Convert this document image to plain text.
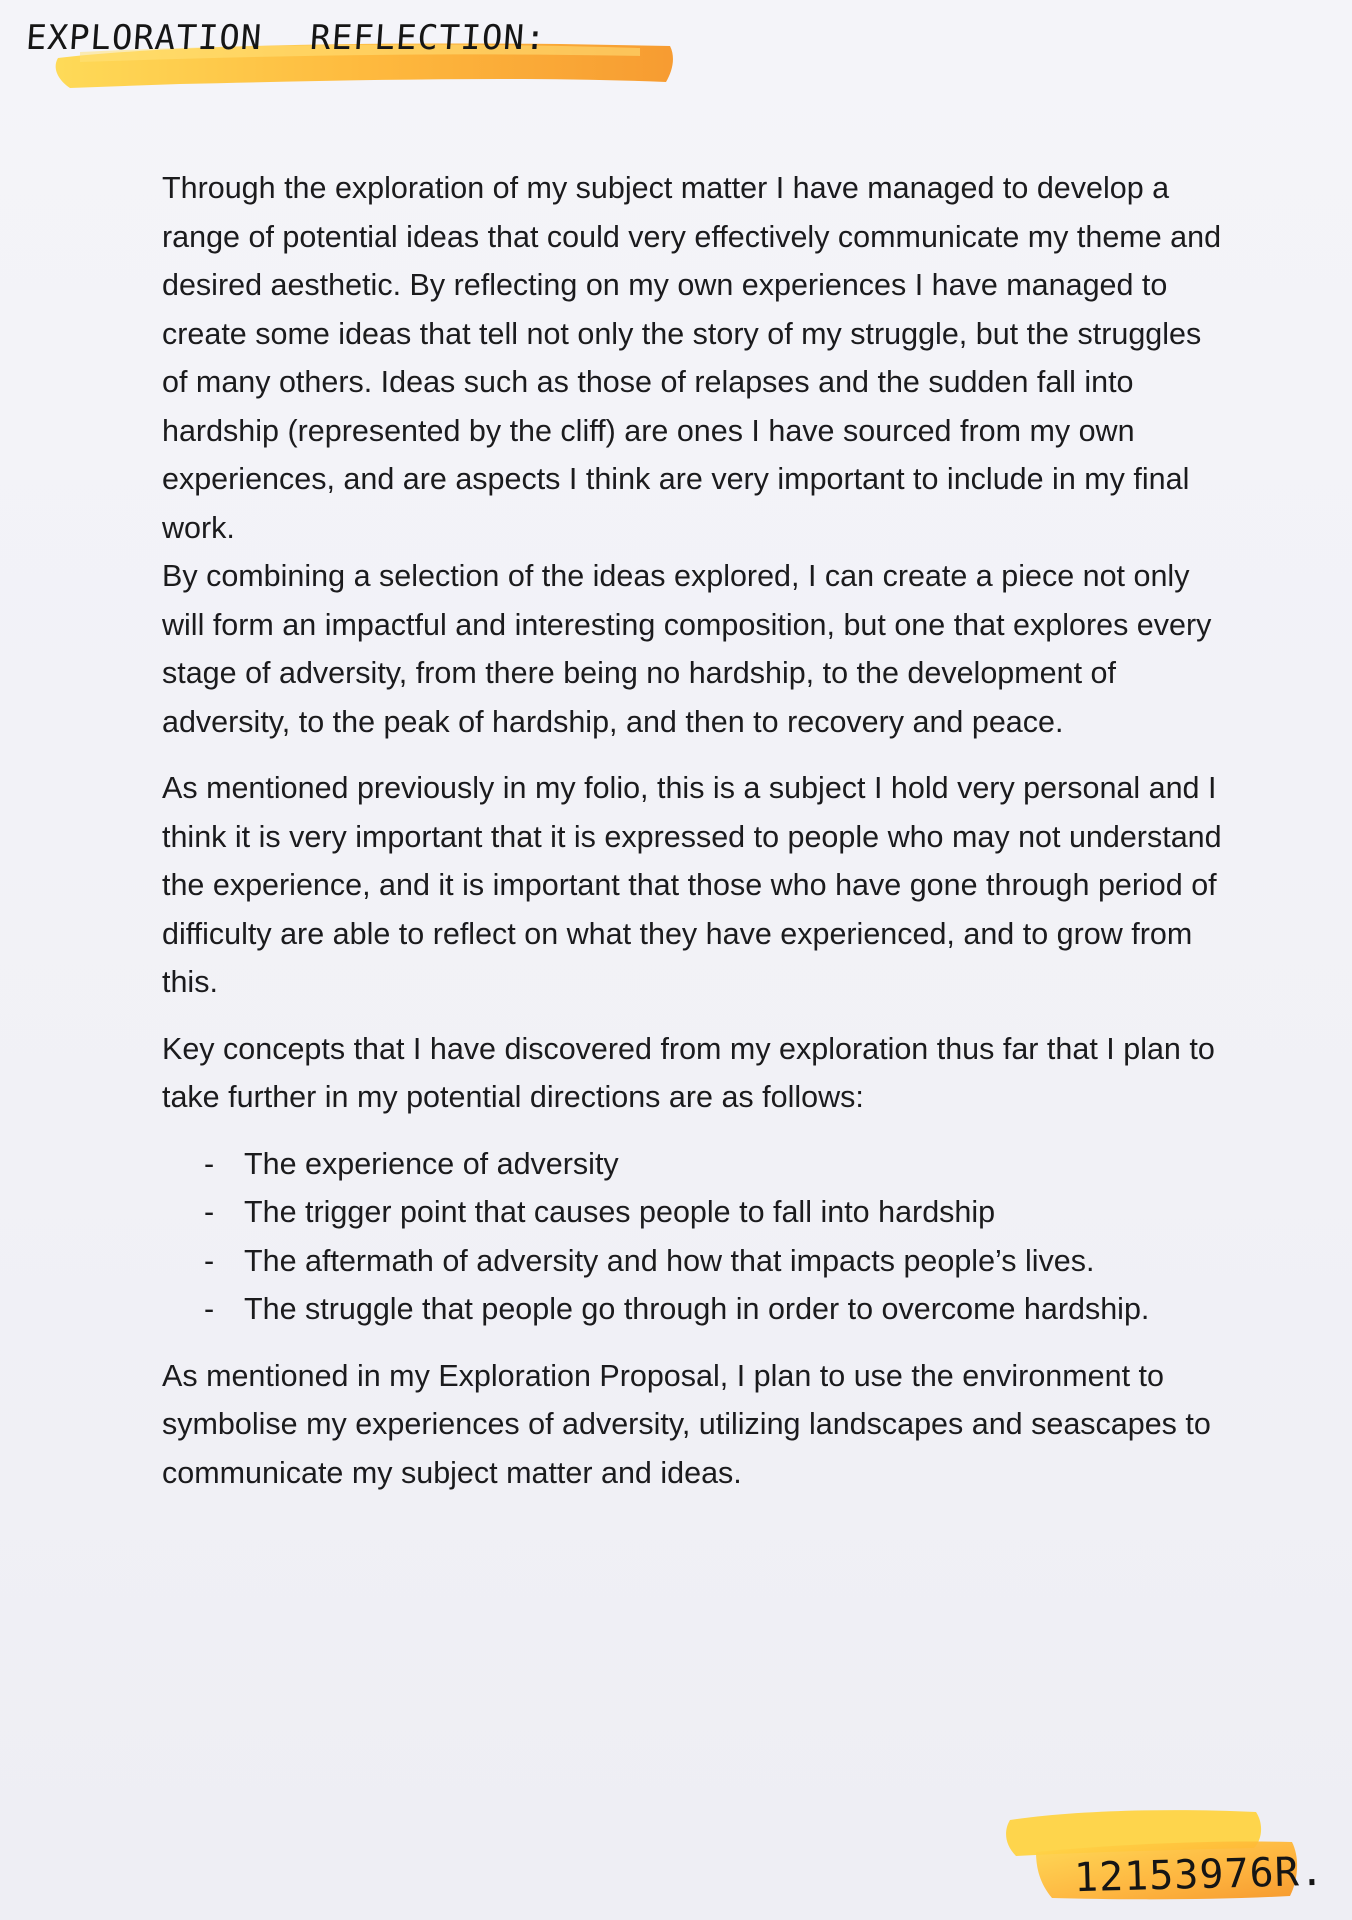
EXPLORATION REFLECTION:

Through the exploration of my subject matter I have managed to develop a range of potential ideas that could very effectively communicate my theme and desired aesthetic. By reflecting on my own experiences I have managed to create some ideas that tell not only the story of my struggle, but the struggles of many others. Ideas such as those of relapses and the sudden fall into hardship (represented by the cliff) are ones I have sourced from my own experiences, and are aspects I think are very important to include in my final work.

By combining a selection of the ideas explored, I can create a piece not only will form an impactful and interesting composition, but one that explores every stage of adversity, from there being no hardship, to the development of adversity, to the peak of hardship, and then to recovery and peace.

As mentioned previously in my folio, this is a subject I hold very personal and I think it is very important that it is expressed to people who may not understand the experience, and it is important that those who have gone through period of difficulty are able to reflect on what they have experienced, and to grow from this.

Key concepts that I have discovered from my exploration thus far that I plan to take further in my potential directions are as follows:

- The experience of adversity
- The trigger point that causes people to fall into hardship
- The aftermath of adversity and how that impacts people’s lives.
- The struggle that people go through in order to overcome hardship.

As mentioned in my Exploration Proposal, I plan to use the environment to symbolise my experiences of adversity, utilizing landscapes and seascapes to communicate my subject matter and ideas.

12153976R.
